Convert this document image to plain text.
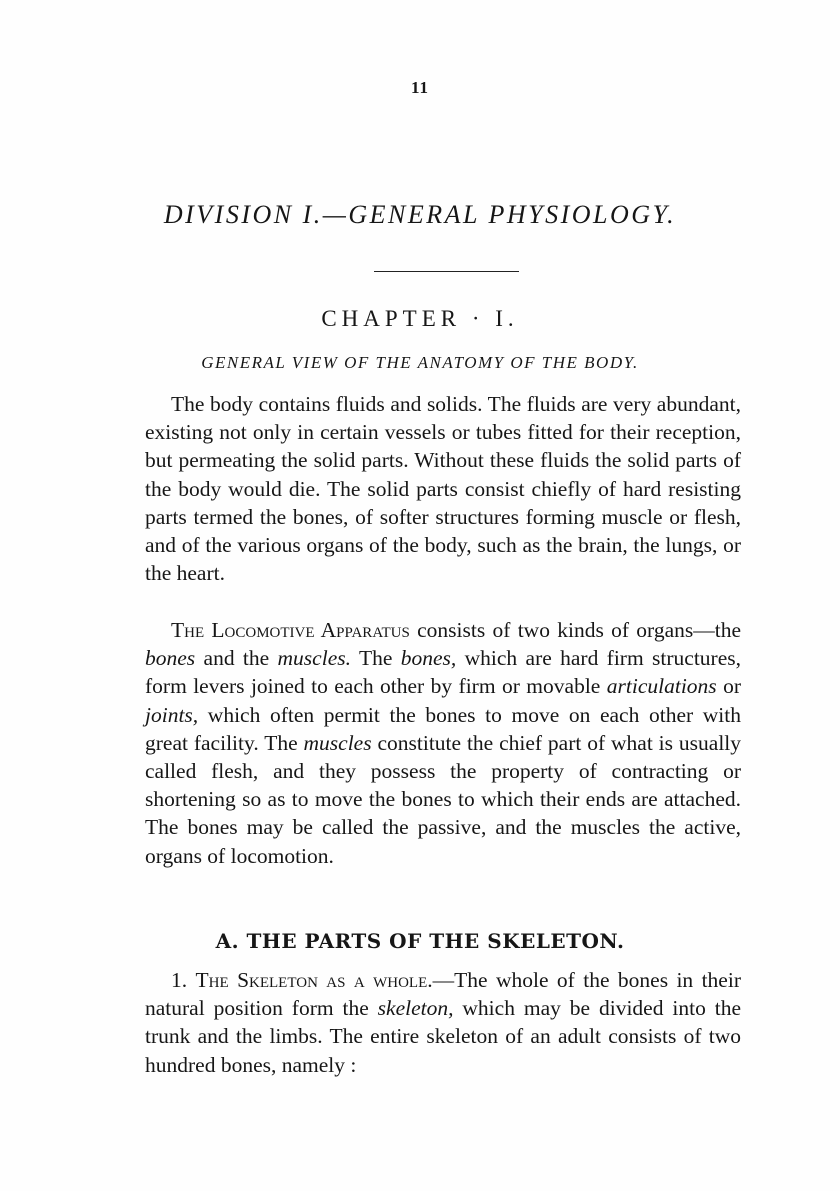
11
DIVISION I.—GENERAL PHYSIOLOGY.
CHAPTER · I.
GENERAL VIEW OF THE ANATOMY OF THE BODY.

The body contains fluids and solids. The fluids are very abundant, existing not only in certain vessels or tubes fitted for their reception, but permeating the solid parts. Without these fluids the solid parts of the body would die. The solid parts consist chiefly of hard resisting parts termed the bones, of softer structures forming muscle or flesh, and of the various organs of the body, such as the brain, the lungs, or the heart.

The Locomotive Apparatus consists of two kinds of organs—the bones and the muscles. The bones, which are hard firm structures, form levers joined to each other by firm or movable articulations or joints, which often permit the bones to move on each other with great facility. The muscles constitute the chief part of what is usually called flesh, and they possess the property of contracting or shortening so as to move the bones to which their ends are attached. The bones may be called the passive, and the muscles the active, organs of locomotion.

A. THE PARTS OF THE SKELETON.

1. The Skeleton as a whole.—The whole of the bones in their natural position form the skeleton, which may be divided into the trunk and the limbs. The entire skeleton of an adult consists of two hundred bones, namely :
